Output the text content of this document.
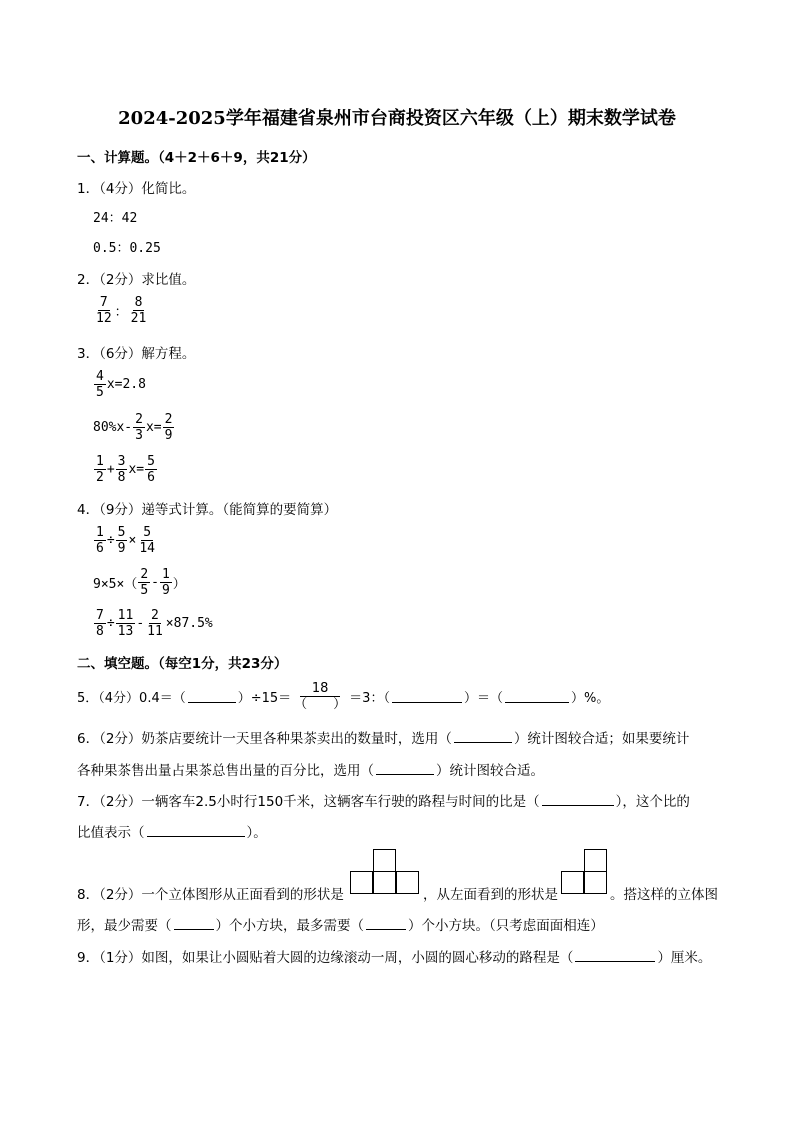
2024-2025学年福建省泉州市台商投资区六年级（上）期末数学试卷
一、计算题。（4＋2＋6＋9，共21分）
1．（4分）化简比。
24：42
0.5：0.25
2．（2分）求比值。
$\frac{7}{12}$ ： $\frac{8}{21}$
3．（6分）解方程。
$\frac{4}{5} x=2.8$
$80\%x- \frac{2}{3} x= \frac{2}{9}$
$\frac{1}{2} + \frac{3}{8} x= \frac{5}{6}$
4．（9分）递等式计算。（能简算的要简算）
$\frac{1}{6} \div \frac{5}{9} \times \frac{5}{14}$
$9\times 5\times( \frac{2}{5} - \frac{1}{9}$ ）
$\frac{7}{8} \div \frac{11}{13} - \frac{2}{11} \times 87.5\%$
二、填空题。（每空1分，共23分）
5．（4分）0.4＝（	）$\div 15= \frac{18}{( )} =3$：（	）＝（	）%。
6．（2分）奶茶店要统计一天里各种果茶卖出的数量时，选用（	）统计图较合适；如果要统计
各种果茶售出量占果茶总售出量的百分比，选用（	）统计图较合适。
7．（2分）一辆客车2.5小时行150千米，这辆客车行驶的路程与时间的比是（	），这个比的
比值表示（	）。
8．（2分）一个立体图形从正面看到的形状是	，从左面看到的形状是	。搭这样的立体图
形，最少需要（	）个小方块，最多需要（	）个小方块。（只考虑面面相连）
9．（1分）如图，如果让小圆贴着大圆的边缘滚动一周，小圆的圆心移动的路程是（	）厘米。
